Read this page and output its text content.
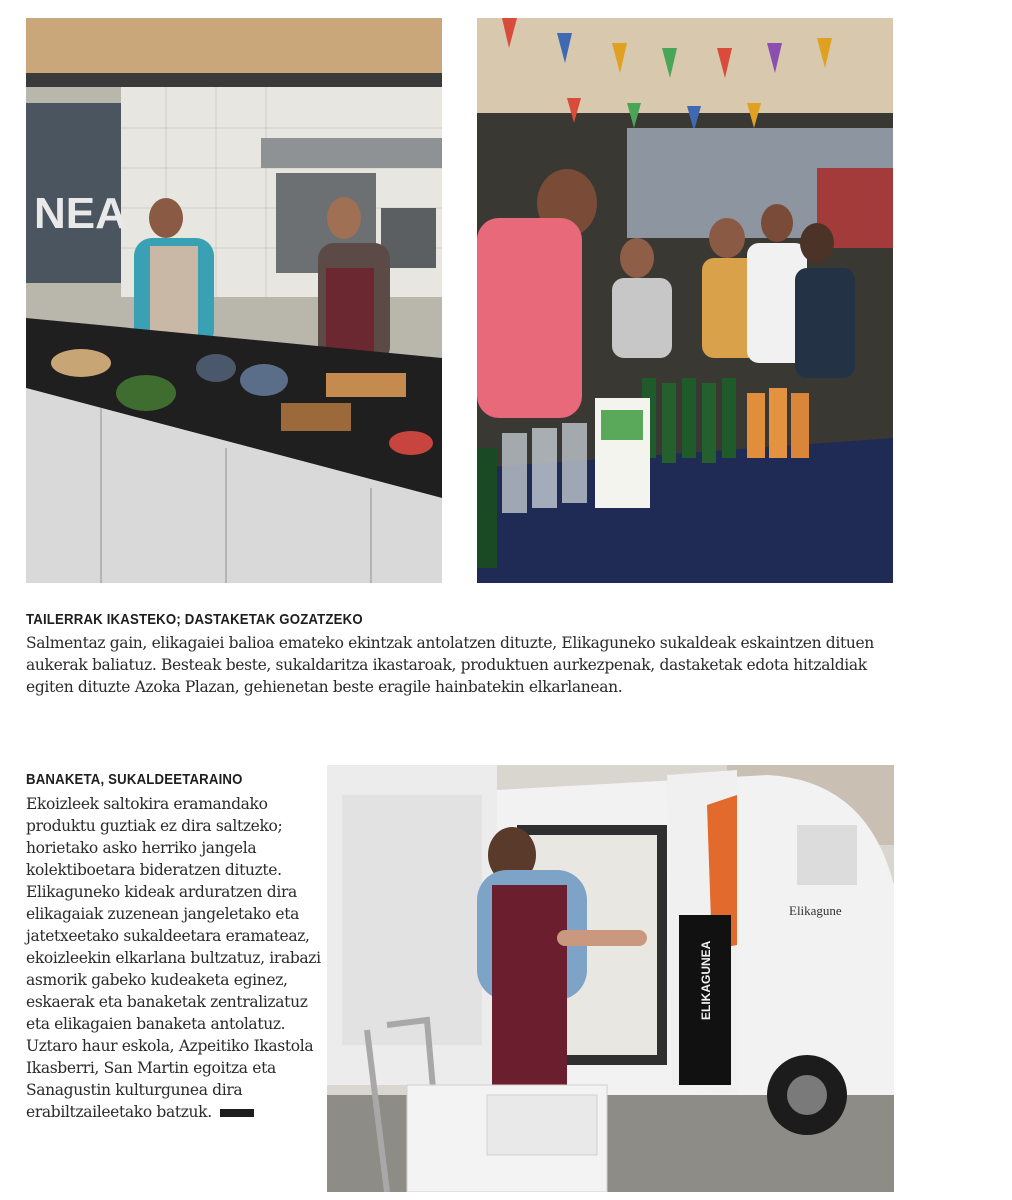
NEA
TAILERRAK IKASTEKO; DASTAKETAK GOZATZEKO
Salmentaz gain, elikagaiei balioa emateko ekintzak antolatzen dituzte, Elikaguneko sukaldeak eskaintzen dituen aukerak baliatuz. Besteak beste, sukaldaritza ikastaroak, produktuen aurkezpenak, dastaketak edota hitzaldiak egiten dituzte Azoka Plazan, gehienetan beste eragile hainbatekin elkarlanean.
BANAKETA, SUKALDEETARAINO
Ekoizleek saltokira eramandako produktu guztiak ez dira saltzeko; horietako asko herriko jangela kolektiboetara bideratzen dituzte. Elikaguneko kideak arduratzen dira elikagaiak zuzenean jangeletako eta jatetxeetako sukaldeetara eramateaz, ekoizleekin elkarlana bultzatuz, irabazi asmorik gabeko kudeaketa eginez, eskaerak eta banaketak zentralizatuz eta elikagaien banaketa antolatuz. Uztaro haur eskola, Azpeitiko Ikastola Ikasberri, San Martin egoitza eta Sanagustin kulturgunea dira erabiltzaileetako batzuk.
ELIKAGUNEA
Elikagune
